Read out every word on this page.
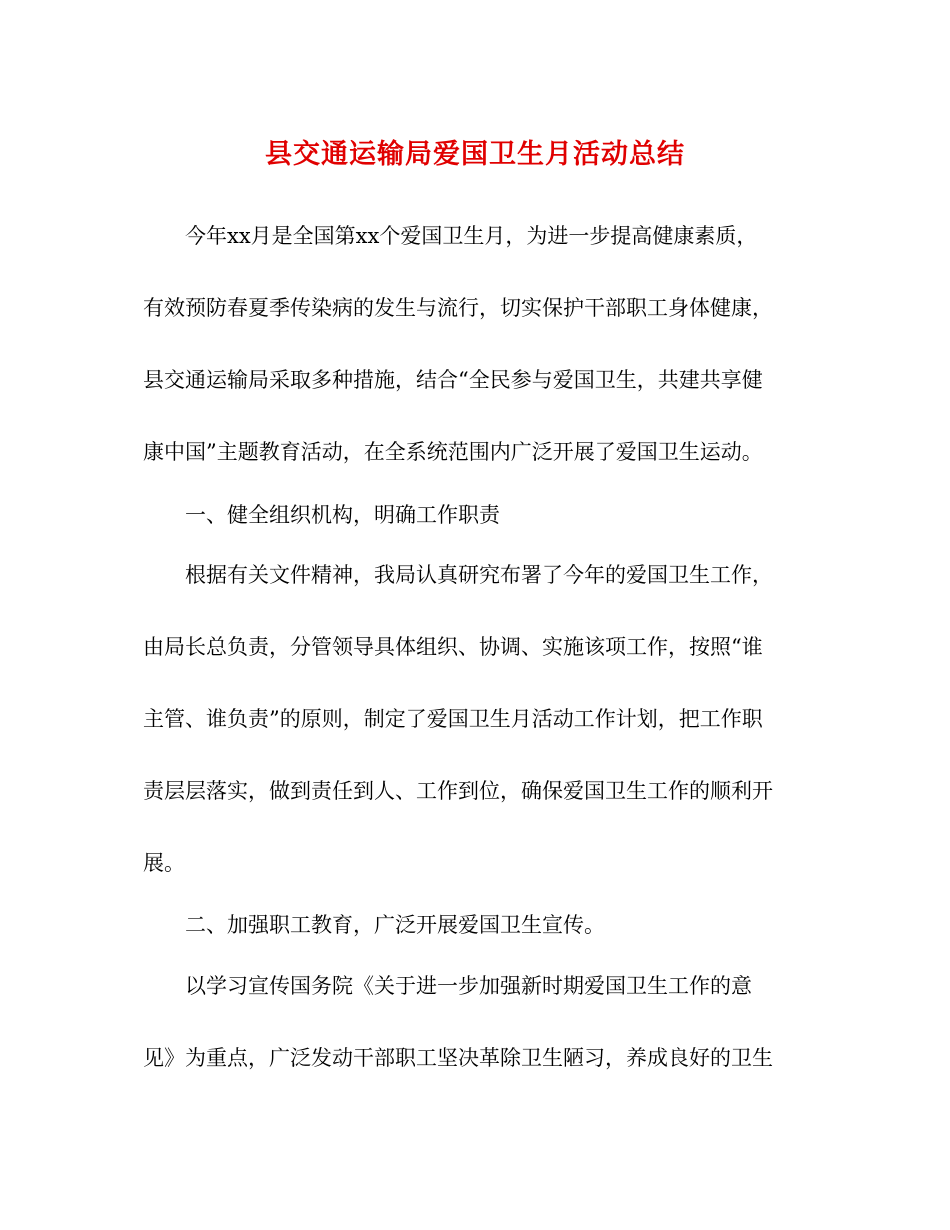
县交通运输局爱国卫生月活动总结
今年xx月是全国第xx个爱国卫生月，为进一步提高健康素质，
有效预防春夏季传染病的发生与流行，切实保护干部职工身体健康，
县交通运输局采取多种措施，结合“全民参与爱国卫生，共建共享健
康中国”主题教育活动，在全系统范围内广泛开展了爱国卫生运动。
一、健全组织机构，明确工作职责
根据有关文件精神，我局认真研究布署了今年的爱国卫生工作，
由局长总负责，分管领导具体组织、协调、实施该项工作，按照“谁
主管、谁负责”的原则，制定了爱国卫生月活动工作计划，把工作职
责层层落实，做到责任到人、工作到位，确保爱国卫生工作的顺利开
展。
二、加强职工教育，广泛开展爱国卫生宣传。
以学习宣传国务院《关于进一步加强新时期爱国卫生工作的意
见》为重点，广泛发动干部职工坚决革除卫生陋习，养成良好的卫生
